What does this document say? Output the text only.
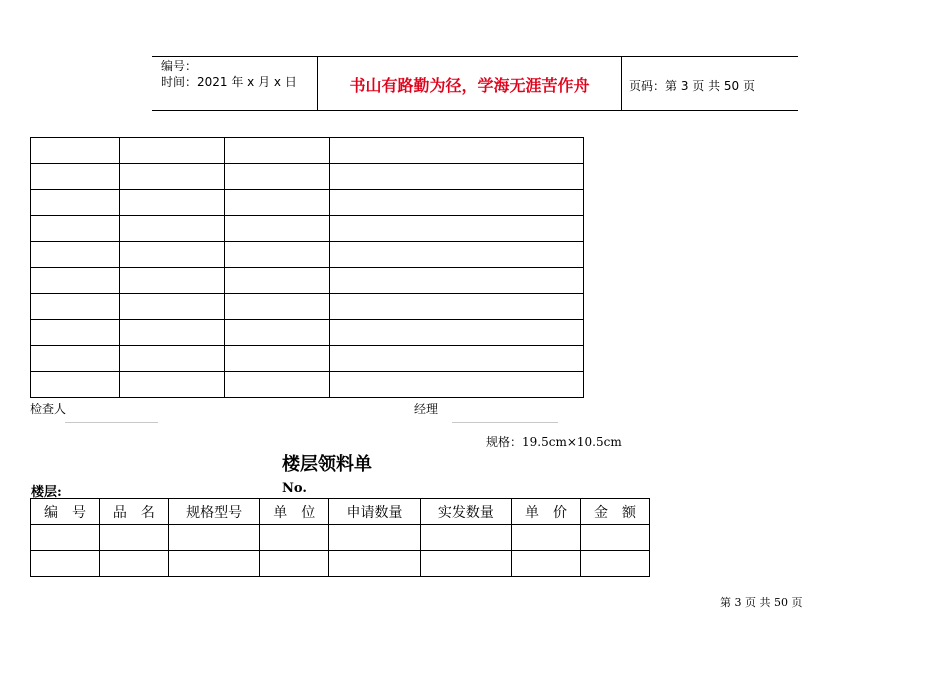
编号：
时间：2021 年 x 月 x 日	书山有路勤为径，学海无涯苦作舟	页码：第 3 页 共 50 页

检查人	经理
规格：19.5cm×10.5cm
楼层领料单
楼层:	No.
编　号	品　名	规格型号	单　位	申请数量	实发数量	单　价	金　额

第 3 页 共 50 页
